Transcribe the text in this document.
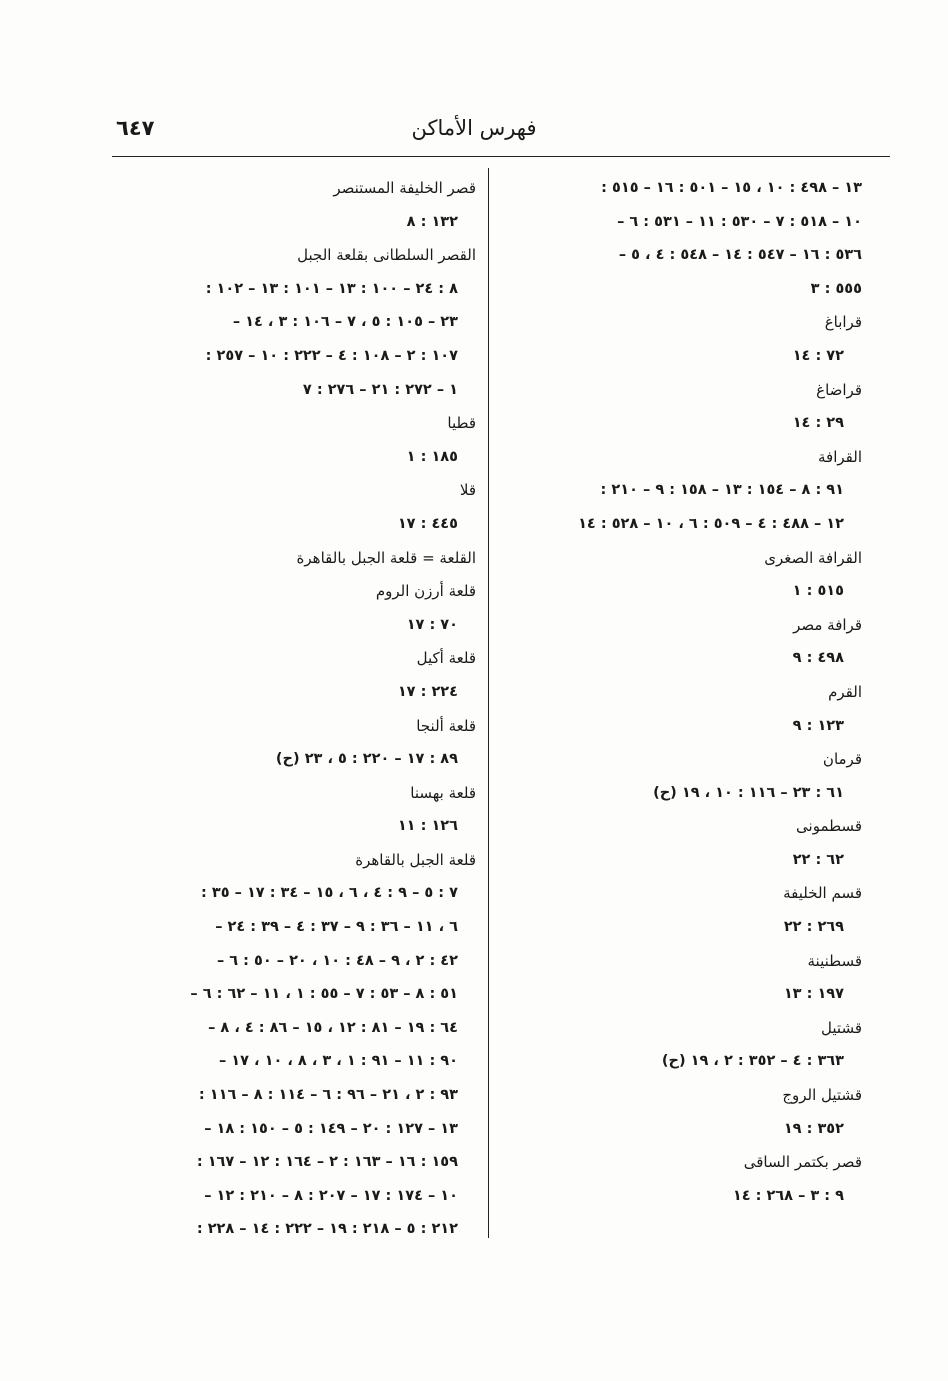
فهرس الأماكن
٦٤٧
١٣ – ٤٩٨ : ١٠ ، ١٥ – ٥٠١ : ١٦ – ٥١٥ :
١٠ – ٥١٨ : ٧ – ٥٣٠ : ١١ – ٥٣١ : ٦ –
٥٣٦ : ١٦ – ٥٤٧ : ١٤ – ٥٤٨ : ٤ ، ٥ –
٥٥٥ : ٣
قراباغ
٧٢ : ١٤
قراضاغ
٢٩ : ١٤
القرافة
٩١ : ٨ – ١٥٤ : ١٣ – ١٥٨ : ٩ – ٢١٠ :
١٢ – ٤٨٨ : ٤ – ٥٠٩ : ٦ ، ١٠ – ٥٢٨ : ١٤
القرافة الصغرى
٥١٥ : ١
قرافة مصر
٤٩٨ : ٩
القرم
١٢٣ : ٩
قرمان
٦١ : ٢٣ – ١١٦ : ١٠ ، ١٩ (ح)
قسطمونى
٦٢ : ٢٢
قسم الخليفة
٢٦٩ : ٢٢
قسطنينة
١٩٧ : ١٣
قشتيل
٣٦٣ : ٤ – ٣٥٢ : ٢ ، ١٩ (ح)
قشتيل الروج
٣٥٢ : ١٩
قصر بكتمر الساقى
٩ : ٣ – ٢٦٨ : ١٤
قصر الخليفة المستنصر
١٣٢ : ٨
القصر السلطانى بقلعة الجبل
٨ : ٢٤ – ١٠٠ : ١٣ – ١٠١ : ١٣ – ١٠٢ :
٢٣ – ١٠٥ : ٥ ، ٧ – ١٠٦ : ٣ ، ١٤ –
١٠٧ : ٢ – ١٠٨ : ٤ – ٢٢٢ : ١٠ – ٢٥٧ :
١ – ٢٧٢ : ٢١ – ٢٧٦ : ٧
قطيا
١٨٥ : ١
قلا
٤٤٥ : ١٧
القلعة = قلعة الجبل بالقاهرة
قلعة أرزن الروم
٧٠ : ١٧
قلعة أكيل
٢٢٤ : ١٧
قلعة ألنجا
٨٩ : ١٧ – ٢٢٠ : ٥ ، ٢٣ (ح)
قلعة بهسنا
١٢٦ : ١١
قلعة الجبل بالقاهرة
٧ : ٥ – ٩ : ٤ ، ٦ ، ١٥ – ٣٤ : ١٧ – ٣٥ :
٦ ، ١١ – ٣٦ : ٩ – ٣٧ : ٤ – ٣٩ : ٢٤ –
٤٢ : ٢ ، ٩ – ٤٨ : ١٠ ، ٢٠ – ٥٠ : ٦ –
٥١ : ٨ – ٥٣ : ٧ – ٥٥ : ١ ، ١١ – ٦٢ : ٦ –
٦٤ : ١٩ – ٨١ : ١٢ ، ١٥ – ٨٦ : ٤ ، ٨ –
٩٠ : ١١ – ٩١ : ١ ، ٣ ، ٨ ، ١٠ ، ١٧ –
٩٣ : ٢ ، ٢١ – ٩٦ : ٦ – ١١٤ : ٨ – ١١٦ :
١٣ – ١٢٧ : ٢٠ – ١٤٩ : ٥ – ١٥٠ : ١٨ –
١٥٩ : ١٦ – ١٦٣ : ٢ – ١٦٤ : ١٢ – ١٦٧ :
١٠ – ١٧٤ : ١٧ – ٢٠٧ : ٨ – ٢١٠ : ١٢ –
٢١٢ : ٥ – ٢١٨ : ١٩ – ٢٢٢ : ١٤ – ٢٢٨ :
